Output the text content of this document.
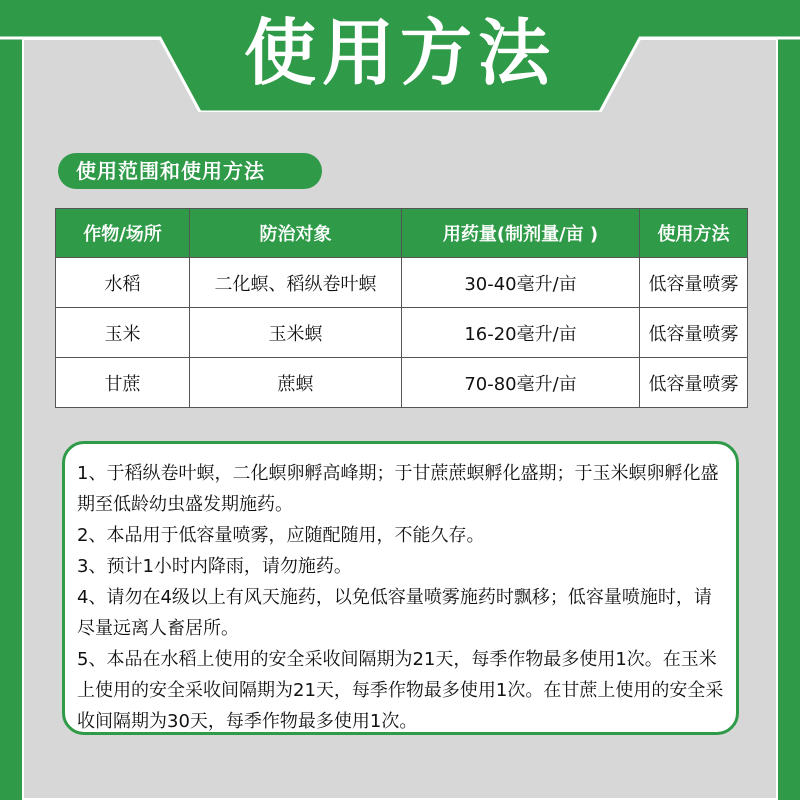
使用方法
使用范围和使用方法
作物/场所	防治对象	用药量(制剂量/亩 )	使用方法
水稻	二化螟、稻纵卷叶螟	30-40毫升/亩	低容量喷雾
玉米	玉米螟	16-20毫升/亩	低容量喷雾
甘蔗	蔗螟	70-80毫升/亩	低容量喷雾

1、于稻纵卷叶螟，二化螟卵孵高峰期；于甘蔗蔗螟孵化盛期；于玉米螟卵孵化盛期至低龄幼虫盛发期施药。

2、本品用于低容量喷雾，应随配随用，不能久存。

3、预计1小时内降雨，请勿施药。

4、请勿在4级以上有风天施药，以免低容量喷雾施药时飘移；低容量喷施时，请尽量远离人畜居所。

5、本品在水稻上使用的安全采收间隔期为21天，每季作物最多使用1次。在玉米上使用的安全采收间隔期为21天，每季作物最多使用1次。在甘蔗上使用的安全采收间隔期为30天，每季作物最多使用1次。
